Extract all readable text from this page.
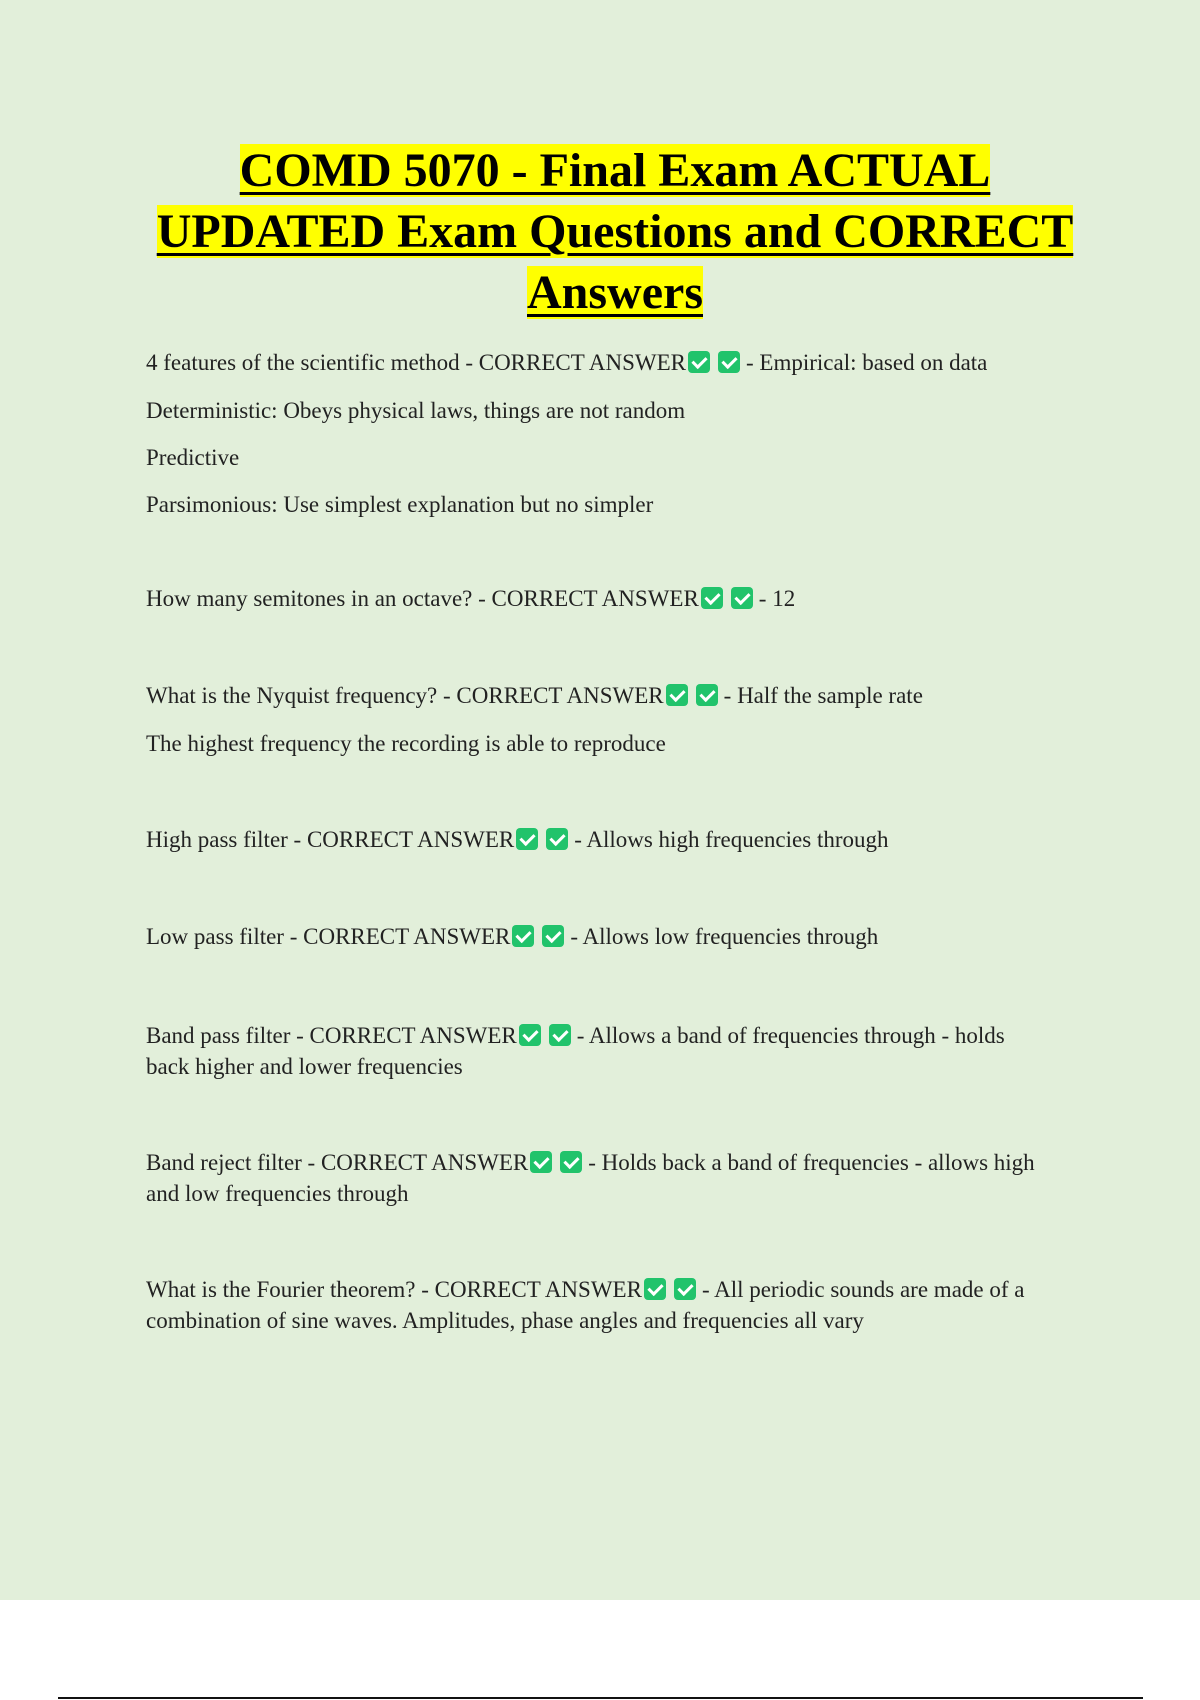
COMD 5070 - Final Exam ACTUAL
UPDATED Exam Questions and CORRECT
Answers
4 features of the scientific method - CORRECT ANSWER	- Empirical: based on data
Deterministic: Obeys physical laws, things are not random
Predictive
Parsimonious: Use simplest explanation but no simpler
How many semitones in an octave? - CORRECT ANSWER	- 12
What is the Nyquist frequency? - CORRECT ANSWER	- Half the sample rate
The highest frequency the recording is able to reproduce
High pass filter - CORRECT ANSWER	- Allows high frequencies through
Low pass filter - CORRECT ANSWER	- Allows low frequencies through
Band pass filter - CORRECT ANSWER	- Allows a band of frequencies through - holds
back higher and lower frequencies
Band reject filter - CORRECT ANSWER	- Holds back a band of frequencies - allows high
and low frequencies through
What is the Fourier theorem? - CORRECT ANSWER	- All periodic sounds are made of a
combination of sine waves. Amplitudes, phase angles and frequencies all vary
